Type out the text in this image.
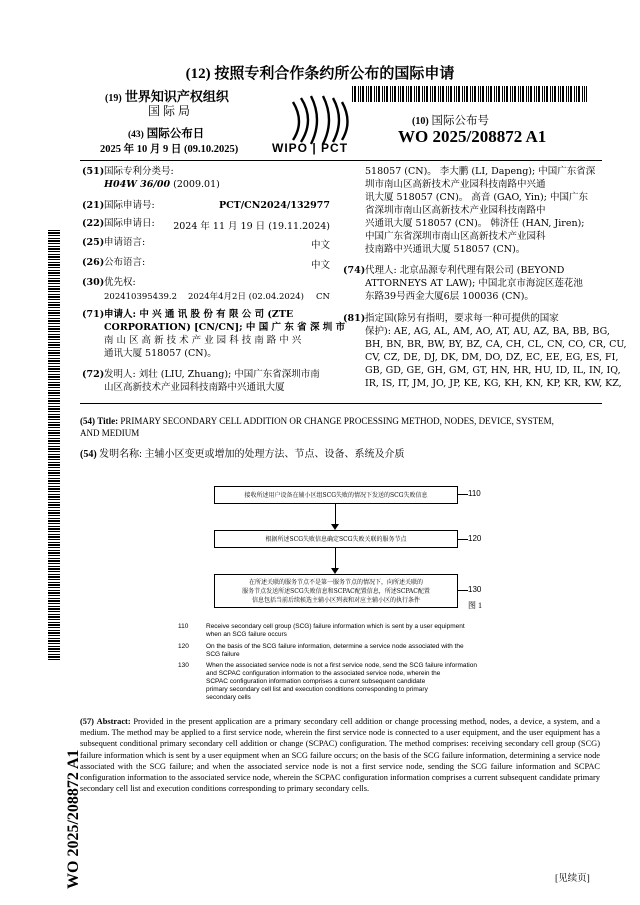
(12) 按照专利合作条约所公布的国际申请
(19) 世界知识产权组织
国 际 局
(43) 国际公布日
2025 年 10 月 9 日 (09.10.2025)	WIPO | PCT
(10) 国际公布号
WO 2025/208872 A1
(51)国际专利分类号:
H04W 36/00 (2009.01)
(21)国际申请号:	PCT/CN2024/132977
(22)国际申请日:	2024 年 11 月 19 日 (19.11.2024)
(25)申请语言:	中文
(26)公布语言:	中文
(30)优先权:
202410395439.2 2024年4月2日 (02.04.2024) CN
(71)申请人: 中 兴 通 讯 股 份 有 限 公 司 (ZTE
CORPORATION) [CN/CN]; 中 国 广 东 省 深 圳 市
南 山 区 高 新 技 术 产 业 园 科 技 南 路 中 兴
通讯大厦 518057 (CN)。
(72)发明人: 刘壮 (LIU, Zhuang); 中国广东省深圳市南
山区高新技术产业园科技南路中兴通讯大厦
518057 (CN)。 李大鹏 (LI, Dapeng); 中国广东省深
圳市南山区高新技术产业园科技南路中兴通
讯大厦 518057 (CN)。 高音 (GAO, Yin); 中国广东
省深圳市南山区高新技术产业园科技南路中
兴通讯大厦 518057 (CN)。 韩济任 (HAN, Jiren);
中国广东省深圳市南山区高新技术产业园科
技南路中兴通讯大厦 518057 (CN)。
(74)代理人: 北京品源专利代理有限公司 (BEYOND
ATTORNEYS AT LAW); 中国北京市海淀区莲花池
东路39号西金大厦6层 100036 (CN)。
(81)指定国(除另有指明，要求每一种可提供的国家
保护): AE, AG, AL, AM, AO, AT, AU, AZ, BA, BB, BG,
BH, BN, BR, BW, BY, BZ, CA, CH, CL, CN, CO, CR, CU,
CV, CZ, DE, DJ, DK, DM, DO, DZ, EC, EE, EG, ES, FI,
GB, GD, GE, GH, GM, GT, HN, HR, HU, ID, IL, IN, IQ,
IR, IS, IT, JM, JO, JP, KE, KG, KH, KN, KP, KR, KW, KZ,
WO 2025/208872 A1
(54) Title: PRIMARY SECONDARY CELL ADDITION OR CHANGE PROCESSING METHOD, NODES, DEVICE, SYSTEM,
AND MEDIUM
(54) 发明名称: 主辅小区变更或增加的处理方法、节点、设备、系统及介质
接收所述用户设备在辅小区组SCG失败的情况下发送的SCG失败信息	110
根据所述SCG失败信息确定SCG失败关联的服务节点	120
在所述关联的服务节点不是第一服务节点的情况下，向所述关联的
服务节点发送所述SCG失败信息和SCPAC配置信息，所述SCPAC配置
信息包括当前后续候选主辅小区列表和对应主辅小区的执行条件
130
图 1
110	Receive secondary cell group (SCG) failure information which is sent by a user equipment
when an SCG failure occurs
120	On the basis of the SCG failure information, determine a service node associated with the
SCG failure
130	When the associated service node is not a first service node, send the SCG failure information
and SCPAC configuration information to the associated service node, wherein the
SCPAC configuration information comprises a current subsequent candidate
primary secondary cell list and execution conditions corresponding to primary
secondary cells
(57) Abstract: Provided in the present application are a primary secondary cell addition or change processing method, nodes, a device, a system, and a medium. The method may be applied to a first service node, wherein the first service node is connected to a user equipment, and the user equipment has a subsequent conditional primary secondary cell addition or change (SCPAC) configuration. The method comprises: receiving secondary cell group (SCG) failure information which is sent by a user equipment when an SCG failure occurs; on the basis of the SCG failure information, determining a service node associated with the SCG failure; and when the associated service node is not a first service node, sending the SCG failure information and SCPAC configuration information to the associated service node, wherein the SCPAC configuration information comprises a current subsequent candidate primary secondary cell list and execution conditions corresponding to primary secondary cells.
[见续页]
